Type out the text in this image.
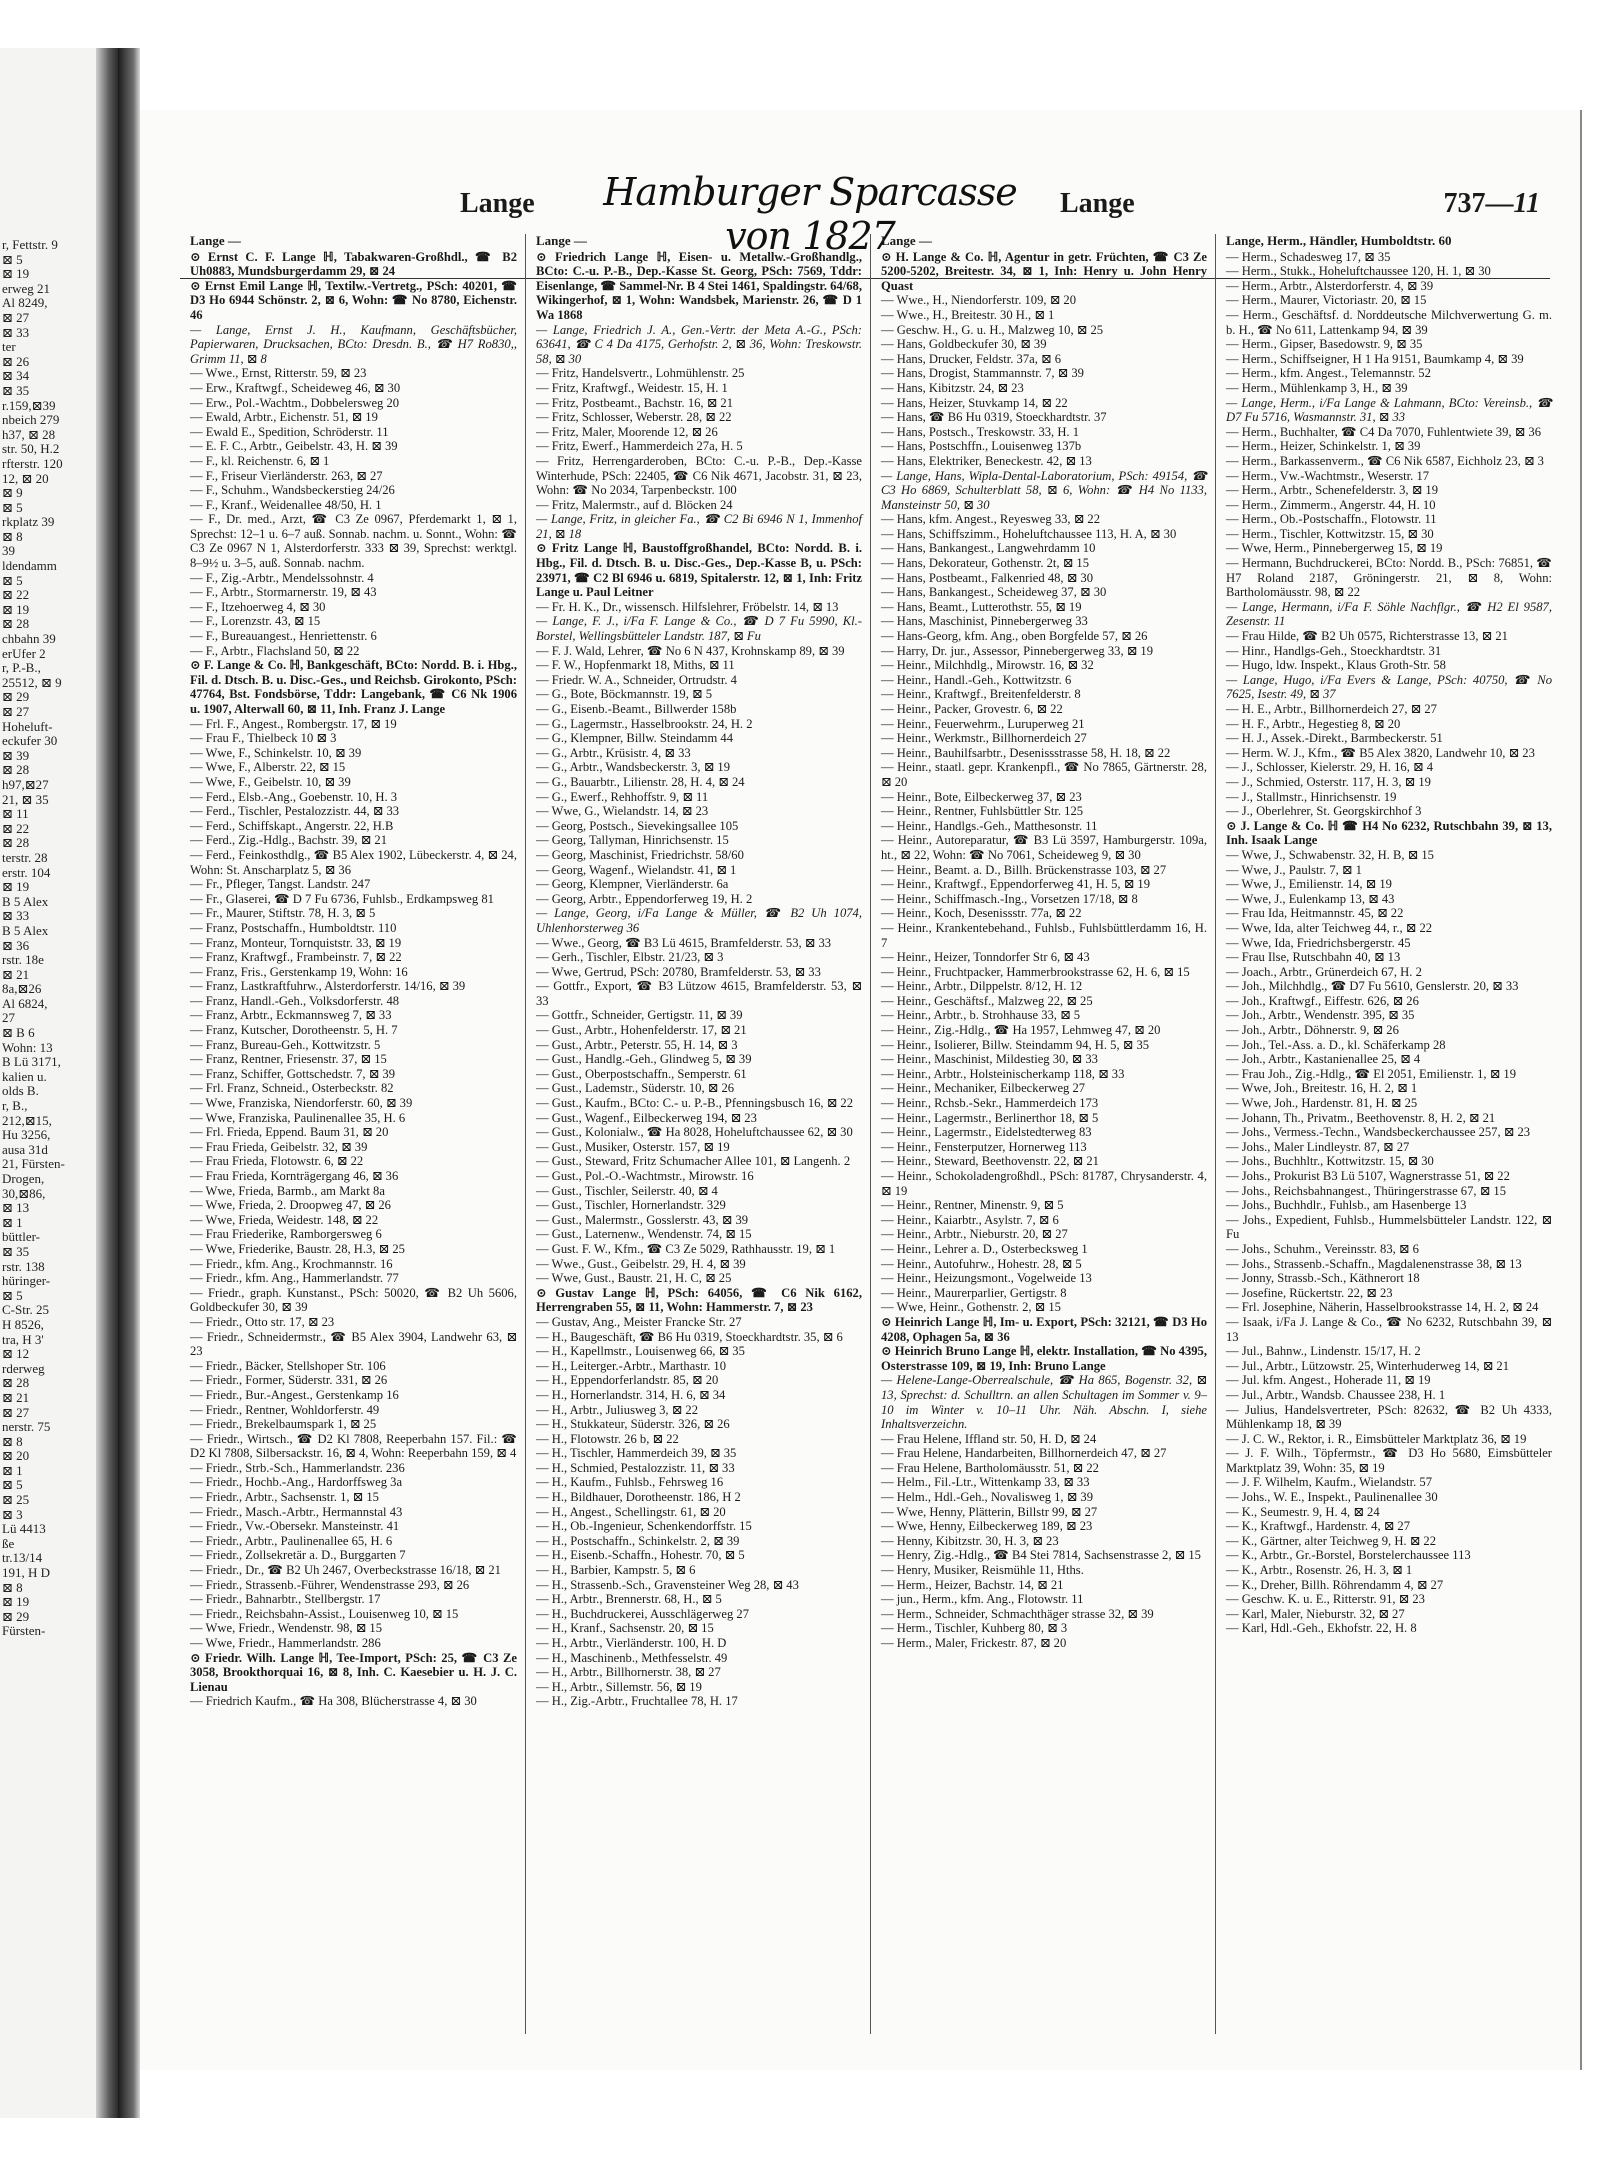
r, Fettstr. 9
⊠ 5
⊠ 19
erweg 21
Al 8249,
⊠ 27
⊠ 33
ter
⊠ 26
⊠ 34
⊠ 35
r.159,⊠39
nbeich 279
h37, ⊠ 28
str. 50, H.2
rfterstr. 120
12, ⊠ 20
⊠ 9
⊠ 5
rkplatz 39
⊠ 8
39
ldendamm
⊠ 5
⊠ 22
⊠ 19
⊠ 28
chbahn 39
erUfer 2
r, P.-B.,
25512, ⊠ 9
⊠ 29
⊠ 27
Hoheluft-
eckufer 30
⊠ 39
⊠ 28
h97,⊠27
21, ⊠ 35
⊠ 11
⊠ 22
⊠ 28
terstr. 28
erstr. 104
⊠ 19
B 5 Alex
⊠ 33
B 5 Alex
⊠ 36
rstr. 18e
⊠ 21
8a,⊠26
Al 6824,
27
⊠ B 6
Wohn: 13
B Lü 3171,
kalien u.
olds B.
r, B.,
212,⊠15,
Hu 3256,
ausa 31d
21, Fürsten-
Drogen,
30,⊠86,
⊠ 13
⊠ 1
büttler-
⊠ 35
rstr. 138
hüringer-
⊠ 5
C-Str. 25
H 8526,
tra, H 3'
⊠ 12
rderweg
⊠ 28
⊠ 21
⊠ 27
nerstr. 75
⊠ 8
⊠ 20
⊠ 1
⊠ 5
⊠ 25
⊠ 3
Lü 4413
ße
tr.13/14
191, H D
⊠ 8
⊠ 19
⊠ 29
Fürsten-
Lange Hamburger Sparcasse von 1827
Lange	737—11
Lange —
⊙ Ernst C. F. Lange ℍ, Tabakwaren-Großhdl., ☎ B2 Uh0883, Mundsburgerdamm 29, ⊠ 24
⊙ Ernst Emil Lange ℍ, Textilw.-Vertretg., PSch: 40201, ☎ D3 Ho 6944 Schönstr. 2, ⊠ 6, Wohn: ☎ No 8780, Eichenstr. 46
— Lange, Ernst J. H., Kaufmann, Geschäftsbücher, Papierwaren, Drucksachen, BCto: Dresdn. B., ☎ H7 Ro830,, Grimm 11, ⊠ 8
— Wwe., Ernst, Ritterstr. 59, ⊠ 23
— Erw., Kraftwgf., Scheideweg 46, ⊠ 30
— Erw., Pol.-Wachtm., Dobbelersweg 20
— Ewald, Arbtr., Eichenstr. 51, ⊠ 19
— Ewald E., Spedition, Schröderstr. 11
— E. F. C., Arbtr., Geibelstr. 43, H. ⊠ 39
— F., kl. Reichenstr. 6, ⊠ 1
— F., Friseur Vierländerstr. 263, ⊠ 27
— F., Schuhm., Wandsbeckerstieg 24/26
— F., Kranf., Weidenallee 48/50, H. 1
— F., Dr. med., Arzt, ☎ C3 Ze 0967, Pferdemarkt 1, ⊠ 1, Sprechst: 12–1 u. 6–7 auß. Sonnab. nachm. u. Sonnt., Wohn: ☎ C3 Ze 0967 N 1, Alsterdorferstr. 333 ⊠ 39, Sprechst: werktgl. 8–9½ u. 3–5, auß. Sonnab. nachm.
— F., Zig.-Arbtr., Mendelssohnstr. 4
— F., Arbtr., Stormarnerstr. 19, ⊠ 43
— F., Itzehoerweg 4, ⊠ 30
— F., Lorenzstr. 43, ⊠ 15
— F., Bureauangest., Henriettenstr. 6
— F., Arbtr., Flachsland 50, ⊠ 22
⊙ F. Lange & Co. ℍ, Bankgeschäft, BCto: Nordd. B. i. Hbg., Fil. d. Dtsch. B. u. Disc.-Ges., und Reichsb. Girokonto, PSch: 47764, Bst. Fondsbörse, Tddr: Langebank, ☎ C6 Nk 1906 u. 1907, Alterwall 60, ⊠ 11, Inh. Franz J. Lange
— Frl. F., Angest., Rombergstr. 17, ⊠ 19
— Frau F., Thielbeck 10 ⊠ 3
— Wwe, F., Schinkelstr. 10, ⊠ 39
— Wwe, F., Alberstr. 22, ⊠ 15
— Wwe, F., Geibelstr. 10, ⊠ 39
— Ferd., Elsb.-Ang., Goebenstr. 10, H. 3
— Ferd., Tischler, Pestalozzistr. 44, ⊠ 33
— Ferd., Schiffskapt., Angerstr. 22, H.B
— Ferd., Zig.-Hdlg., Bachstr. 39, ⊠ 21
— Ferd., Feinkosthdlg., ☎ B5 Alex 1902, Lübeckerstr. 4, ⊠ 24, Wohn: St. Anscharplatz 5, ⊠ 36
— Fr., Pfleger, Tangst. Landstr. 247
— Fr., Glaserei, ☎ D 7 Fu 6736, Fuhlsb., Erdkampsweg 81
— Fr., Maurer, Stiftstr. 78, H. 3, ⊠ 5
— Franz, Postschaffn., Humboldtstr. 110
— Franz, Monteur, Tornquiststr. 33, ⊠ 19
— Franz, Kraftwgf., Frambeinstr. 7, ⊠ 22
— Franz, Fris., Gerstenkamp 19, Wohn: 16
— Franz, Lastkraftfuhrw., Alsterdorferstr. 14/16, ⊠ 39
— Franz, Handl.-Geh., Volksdorferstr. 48
— Franz, Arbtr., Eckmannsweg 7, ⊠ 33
— Franz, Kutscher, Dorotheenstr. 5, H. 7
— Franz, Bureau-Geh., Kottwitzstr. 5
— Franz, Rentner, Friesenstr. 37, ⊠ 15
— Franz, Schiffer, Gottschedstr. 7, ⊠ 39
— Frl. Franz, Schneid., Osterbeckstr. 82
— Wwe, Franziska, Niendorferstr. 60, ⊠ 39
— Wwe, Franziska, Paulinenallee 35, H. 6
— Frl. Frieda, Eppend. Baum 31, ⊠ 20
— Frau Frieda, Geibelstr. 32, ⊠ 39
— Frau Frieda, Flotowstr. 6, ⊠ 22
— Frau Frieda, Kornträgergang 46, ⊠ 36
— Wwe, Frieda, Barmb., am Markt 8a
— Wwe, Frieda, 2. Droopweg 47, ⊠ 26
— Wwe, Frieda, Weidestr. 148, ⊠ 22
— Frau Friederike, Ramborgersweg 6
— Wwe, Friederike, Baustr. 28, H.3, ⊠ 25
— Friedr., kfm. Ang., Krochmannstr. 16
— Friedr., kfm. Ang., Hammerlandstr. 77
— Friedr., graph. Kunstanst., PSch: 50020, ☎ B2 Uh 5606, Goldbeckufer 30, ⊠ 39
— Friedr., Otto str. 17, ⊠ 23
— Friedr., Schneidermstr., ☎ B5 Alex 3904, Landwehr 63, ⊠ 23
— Friedr., Bäcker, Stellshoper Str. 106
— Friedr., Former, Süderstr. 331, ⊠ 26
— Friedr., Bur.-Angest., Gerstenkamp 16
— Friedr., Rentner, Wohldorferstr. 49
— Friedr., Brekelbaumspark 1, ⊠ 25
— Friedr., Wirtsch., ☎ D2 Kl 7808, Reeperbahn 157. Fil.: ☎ D2 Kl 7808, Silbersackstr. 16, ⊠ 4, Wohn: Reeperbahn 159, ⊠ 4
— Friedr., Strb.-Sch., Hammerlandstr. 236
— Friedr., Hochb.-Ang., Hardorffsweg 3a
— Friedr., Arbtr., Sachsenstr. 1, ⊠ 15
— Friedr., Masch.-Arbtr., Hermannstal 43
— Friedr., Vw.-Obersekr. Mansteinstr. 41
— Friedr., Arbtr., Paulinenallee 65, H. 6
— Friedr., Zollsekretär a. D., Burggarten 7
— Friedr., Dr., ☎ B2 Uh 2467, Overbeckstrasse 16/18, ⊠ 21
— Friedr., Strassenb.-Führer, Wendenstrasse 293, ⊠ 26
— Friedr., Bahnarbtr., Stellbergstr. 17
— Friedr., Reichsbahn-Assist., Louisenweg 10, ⊠ 15
— Wwe, Friedr., Wendenstr. 98, ⊠ 15
— Wwe, Friedr., Hammerlandstr. 286
⊙ Friedr. Wilh. Lange ℍ, Tee-Import, PSch: 25, ☎ C3 Ze 3058, Brookthorquai 16, ⊠ 8, Inh. C. Kaesebier u. H. J. C. Lienau
— Friedrich Kaufm., ☎ Ha 308, Blücherstrasse 4, ⊠ 30
Lange —
⊙ Friedrich Lange ℍ, Eisen- u. Metallw.-Großhandlg., BCto: C.-u. P.-B., Dep.-Kasse St. Georg, PSch: 7569, Tddr: Eisenlange, ☎ Sammel-Nr. B 4 Stei 1461, Spaldingstr. 64/68, Wikingerhof, ⊠ 1, Wohn: Wandsbek, Marienstr. 26, ☎ D 1 Wa 1868
— Lange, Friedrich J. A., Gen.-Vertr. der Meta A.-G., PSch: 63641, ☎ C 4 Da 4175, Gerhofstr. 2, ⊠ 36, Wohn: Treskowstr. 58, ⊠ 30
— Fritz, Handelsvertr., Lohmühlenstr. 25
— Fritz, Kraftwgf., Weidestr. 15, H. 1
— Fritz, Postbeamt., Bachstr. 16, ⊠ 21
— Fritz, Schlosser, Weberstr. 28, ⊠ 22
— Fritz, Maler, Moorende 12, ⊠ 26
— Fritz, Ewerf., Hammerdeich 27a, H. 5
— Fritz, Herrengarderoben, BCto: C.-u. P.-B., Dep.-Kasse Winterhude, PSch: 22405, ☎ C6 Nik 4671, Jacobstr. 31, ⊠ 23, Wohn: ☎ No 2034, Tarpenbeckstr. 100
— Fritz, Malermstr., auf d. Blöcken 24
— Lange, Fritz, in gleicher Fa., ☎ C2 Bi 6946 N 1, Immenhof 21, ⊠ 18
⊙ Fritz Lange ℍ, Baustoffgroßhandel, BCto: Nordd. B. i. Hbg., Fil. d. Dtsch. B. u. Disc.-Ges., Dep.-Kasse B, u. PSch: 23971, ☎ C2 Bl 6946 u. 6819, Spitalerstr. 12, ⊠ 1, Inh: Fritz Lange u. Paul Leitner
— Fr. H. K., Dr., wissensch. Hilfslehrer, Fröbelstr. 14, ⊠ 13
— Lange, F. J., i/Fa F. Lange & Co., ☎ D 7 Fu 5990, Kl.-Borstel, Wellingsbütteler Landstr. 187, ⊠ Fu
— F. J. Wald, Lehrer, ☎ No 6 N 437, Krohnskamp 89, ⊠ 39
— F. W., Hopfenmarkt 18, Miths, ⊠ 11
— Friedr. W. A., Schneider, Ortrudstr. 4
— G., Bote, Böckmannstr. 19, ⊠ 5
— G., Eisenb.-Beamt., Billwerder 158b
— G., Lagermstr., Hasselbrookstr. 24, H. 2
— G., Klempner, Billw. Steindamm 44
— G., Arbtr., Krüsistr. 4, ⊠ 33
— G., Arbtr., Wandsbeckerstr. 3, ⊠ 19
— G., Bauarbtr., Lilienstr. 28, H. 4, ⊠ 24
— G., Ewerf., Rehhoffstr. 9, ⊠ 11
— Wwe, G., Wielandstr. 14, ⊠ 23
— Georg, Postsch., Sievekingsallee 105
— Georg, Tallyman, Hinrichsenstr. 15
— Georg, Maschinist, Friedrichstr. 58/60
— Georg, Wagenf., Wielandstr. 41, ⊠ 1
— Georg, Klempner, Vierländerstr. 6a
— Georg, Arbtr., Eppendorferweg 19, H. 2
— Lange, Georg, i/Fa Lange & Müller, ☎ B2 Uh 1074, Uhlenhorsterweg 36
— Wwe., Georg, ☎ B3 Lü 4615, Bramfelderstr. 53, ⊠ 33
— Gerh., Tischler, Elbstr. 21/23, ⊠ 3
— Wwe, Gertrud, PSch: 20780, Bramfelderstr. 53, ⊠ 33
— Gottfr., Export, ☎ B3 Lützow 4615, Bramfelderstr. 53, ⊠ 33
— Gottfr., Schneider, Gertigstr. 11, ⊠ 39
— Gust., Arbtr., Hohenfelderstr. 17, ⊠ 21
— Gust., Arbtr., Peterstr. 55, H. 14, ⊠ 3
— Gust., Handlg.-Geh., Glindweg 5, ⊠ 39
— Gust., Oberpostschaffn., Semperstr. 61
— Gust., Lademstr., Süderstr. 10, ⊠ 26
— Gust., Kaufm., BCto: C.- u. P.-B., Pfenningsbusch 16, ⊠ 22
— Gust., Wagenf., Eilbeckerweg 194, ⊠ 23
— Gust., Kolonialw., ☎ Ha 8028, Hoheluftchaussee 62, ⊠ 30
— Gust., Musiker, Osterstr. 157, ⊠ 19
— Gust., Steward, Fritz Schumacher Allee 101, ⊠ Langenh. 2
— Gust., Pol.-O.-Wachtmstr., Mirowstr. 16
— Gust., Tischler, Seilerstr. 40, ⊠ 4
— Gust., Tischler, Hornerlandstr. 329
— Gust., Malermstr., Gosslerstr. 43, ⊠ 39
— Gust., Laternenw., Wendenstr. 74, ⊠ 15
— Gust. F. W., Kfm., ☎ C3 Ze 5029, Rathhausstr. 19, ⊠ 1
— Wwe., Gust., Geibelstr. 29, H. 4, ⊠ 39
— Wwe, Gust., Baustr. 21, H. C, ⊠ 25
⊙ Gustav Lange ℍ, PSch: 64056, ☎ C6 Nik 6162, Herrengraben 55, ⊠ 11, Wohn: Hammerstr. 7, ⊠ 23
— Gustav, Ang., Meister Francke Str. 27
— H., Baugeschäft, ☎ B6 Hu 0319, Stoeckhardtstr. 35, ⊠ 6
— H., Kapellmstr., Louisenweg 66, ⊠ 35
— H., Leiterger.-Arbtr., Marthastr. 10
— H., Eppendorferlandstr. 85, ⊠ 20
— H., Hornerlandstr. 314, H. 6, ⊠ 34
— H., Arbtr., Juliusweg 3, ⊠ 22
— H., Stukkateur, Süderstr. 326, ⊠ 26
— H., Flotowstr. 26 b, ⊠ 22
— H., Tischler, Hammerdeich 39, ⊠ 35
— H., Schmied, Pestalozzistr. 11, ⊠ 33
— H., Kaufm., Fuhlsb., Fehrsweg 16
— H., Bildhauer, Dorotheenstr. 186, H 2
— H., Angest., Schellingstr. 61, ⊠ 20
— H., Ob.-Ingenieur, Schenkendorffstr. 15
— H., Postschaffn., Schinkelstr. 2, ⊠ 39
— H., Eisenb.-Schaffn., Hohestr. 70, ⊠ 5
— H., Barbier, Kampstr. 5, ⊠ 6
— H., Strassenb.-Sch., Gravensteiner Weg 28, ⊠ 43
— H., Arbtr., Brennerstr. 68, H., ⊠ 5
— H., Buchdruckerei, Ausschlägerweg 27
— H., Kranf., Sachsenstr. 20, ⊠ 15
— H., Arbtr., Vierländerstr. 100, H. D
— H., Maschinenb., Methfesselstr. 49
— H., Arbtr., Billhornerstr. 38, ⊠ 27
— H., Arbtr., Sillemstr. 56, ⊠ 19
— H., Zig.-Arbtr., Fruchtallee 78, H. 17
Lange —
⊙ H. Lange & Co. ℍ, Agentur in getr. Früchten, ☎ C3 Ze 5200-5202, Breitestr. 34, ⊠ 1, Inh: Henry u. John Henry Quast
— Wwe., H., Niendorferstr. 109, ⊠ 20
— Wwe., H., Breitestr. 30 H., ⊠ 1
— Geschw. H., G. u. H., Malzweg 10, ⊠ 25
— Hans, Goldbeckufer 30, ⊠ 39
— Hans, Drucker, Feldstr. 37a, ⊠ 6
— Hans, Drogist, Stammannstr. 7, ⊠ 39
— Hans, Kibitzstr. 24, ⊠ 23
— Hans, Heizer, Stuvkamp 14, ⊠ 22
— Hans, ☎ B6 Hu 0319, Stoeckhardtstr. 37
— Hans, Postsch., Treskowstr. 33, H. 1
— Hans, Postschffn., Louisenweg 137b
— Hans, Elektriker, Beneckestr. 42, ⊠ 13
— Lange, Hans, Wipla-Dental-Laboratorium, PSch: 49154, ☎ C3 Ho 6869, Schulterblatt 58, ⊠ 6, Wohn: ☎ H4 No 1133, Mansteinstr 50, ⊠ 30
— Hans, kfm. Angest., Reyesweg 33, ⊠ 22
— Hans, Schiffszimm., Hoheluftchaussee 113, H. A, ⊠ 30
— Hans, Bankangest., Langwehrdamm 10
— Hans, Dekorateur, Gothenstr. 2t, ⊠ 15
— Hans, Postbeamt., Falkenried 48, ⊠ 30
— Hans, Bankangest., Scheideweg 37, ⊠ 30
— Hans, Beamt., Lutterothstr. 55, ⊠ 19
— Hans, Maschinist, Pinnebergerweg 33
— Hans-Georg, kfm. Ang., oben Borgfelde 57, ⊠ 26
— Harry, Dr. jur., Assessor, Pinnebergerweg 33, ⊠ 19
— Heinr., Milchhdlg., Mirowstr. 16, ⊠ 32
— Heinr., Handl.-Geh., Kottwitzstr. 6
— Heinr., Kraftwgf., Breitenfelderstr. 8
— Heinr., Packer, Grovestr. 6, ⊠ 22
— Heinr., Feuerwehrm., Luruperweg 21
— Heinr., Werkmstr., Billhornerdeich 27
— Heinr., Bauhilfsarbtr., Desenissstrasse 58, H. 18, ⊠ 22
— Heinr., staatl. gepr. Krankenpfl., ☎ No 7865, Gärtnerstr. 28, ⊠ 20
— Heinr., Bote, Eilbeckerweg 37, ⊠ 23
— Heinr., Rentner, Fuhlsbüttler Str. 125
— Heinr., Handlgs.-Geh., Matthesonstr. 11
— Heinr., Autoreparatur, ☎ B3 Lü 3597, Hamburgerstr. 109a, ht., ⊠ 22, Wohn: ☎ No 7061, Scheideweg 9, ⊠ 30
— Heinr., Beamt. a. D., Billh. Brückenstrasse 103, ⊠ 27
— Heinr., Kraftwgf., Eppendorferweg 41, H. 5, ⊠ 19
— Heinr., Schiffmasch.-Ing., Vorsetzen 17/18, ⊠ 8
— Heinr., Koch, Desenissstr. 77a, ⊠ 22
— Heinr., Krankentebehand., Fuhlsb., Fuhlsbüttlerdamm 16, H. 7
— Heinr., Heizer, Tonndorfer Str 6, ⊠ 43
— Heinr., Fruchtpacker, Hammerbrookstrasse 62, H. 6, ⊠ 15
— Heinr., Arbtr., Dilppelstr. 8/12, H. 12
— Heinr., Geschäftsf., Malzweg 22, ⊠ 25
— Heinr., Arbtr., b. Strohhause 33, ⊠ 5
— Heinr., Zig.-Hdlg., ☎ Ha 1957, Lehmweg 47, ⊠ 20
— Heinr., Isolierer, Billw. Steindamm 94, H. 5, ⊠ 35
— Heinr., Maschinist, Mildestieg 30, ⊠ 33
— Heinr., Arbtr., Holsteinischerkamp 118, ⊠ 33
— Heinr., Mechaniker, Eilbeckerweg 27
— Heinr., Rchsb.-Sekr., Hammerdeich 173
— Heinr., Lagermstr., Berlinerthor 18, ⊠ 5
— Heinr., Lagermstr., Eidelstedterweg 83
— Heinr., Fensterputzer, Hornerweg 113
— Heinr., Steward, Beethovenstr. 22, ⊠ 21
— Heinr., Schokoladengroßhdl., PSch: 81787, Chrysanderstr. 4, ⊠ 19
— Heinr., Rentner, Minenstr. 9, ⊠ 5
— Heinr., Kaiarbtr., Asylstr. 7, ⊠ 6
— Heinr., Arbtr., Nieburstr. 20, ⊠ 27
— Heinr., Lehrer a. D., Osterbecksweg 1
— Heinr., Autofuhrw., Hohestr. 28, ⊠ 5
— Heinr., Heizungsmont., Vogelweide 13
— Heinr., Maurerparlier, Gertigstr. 8
— Wwe, Heinr., Gothenstr. 2, ⊠ 15
⊙ Heinrich Lange ℍ, Im- u. Export, PSch: 32121, ☎ D3 Ho 4208, Ophagen 5a, ⊠ 36
⊙ Heinrich Bruno Lange ℍ, elektr. Installation, ☎ No 4395, Osterstrasse 109, ⊠ 19, Inh: Bruno Lange
— Helene-Lange-Oberrealschule, ☎ Ha 865, Bogenstr. 32, ⊠ 13, Sprechst: d. Schulltrn. an allen Schultagen im Sommer v. 9–10 im Winter v. 10–11 Uhr. Näh. Abschn. I, siehe Inhaltsverzeichn.
— Frau Helene, Iffland str. 50, H. D, ⊠ 24
— Frau Helene, Handarbeiten, Billhornerdeich 47, ⊠ 27
— Frau Helene, Bartholomäusstr. 51, ⊠ 22
— Helm., Fil.-Ltr., Wittenkamp 33, ⊠ 33
— Helm., Hdl.-Geh., Novalisweg 1, ⊠ 39
— Wwe, Henny, Plätterin, Billstr 99, ⊠ 27
— Wwe, Henny, Eilbeckerweg 189, ⊠ 23
— Henny, Kibitzstr. 30, H. 3, ⊠ 23
— Henry, Zig.-Hdlg., ☎ B4 Stei 7814, Sachsenstrasse 2, ⊠ 15
— Henry, Musiker, Reismühle 11, Hths.
— Herm., Heizer, Bachstr. 14, ⊠ 21
— jun., Herm., kfm. Ang., Flotowstr. 11
— Herm., Schneider, Schmachthäger strasse 32, ⊠ 39
— Herm., Tischler, Kuhberg 80, ⊠ 3
— Herm., Maler, Frickestr. 87, ⊠ 20
Lange, Herm., Händler, Humboldtstr. 60
— Herm., Schadesweg 17, ⊠ 35
— Herm., Stukk., Hoheluftchaussee 120, H. 1, ⊠ 30
— Herm., Arbtr., Alsterdorferstr. 4, ⊠ 39
— Herm., Maurer, Victoriastr. 20, ⊠ 15
— Herm., Geschäftsf. d. Norddeutsche Milchverwertung G. m. b. H., ☎ No 611, Lattenkamp 94, ⊠ 39
— Herm., Gipser, Basedowstr. 9, ⊠ 35
— Herm., Schiffseigner, H 1 Ha 9151, Baumkamp 4, ⊠ 39
— Herm., kfm. Angest., Telemannstr. 52
— Herm., Mühlenkamp 3, H., ⊠ 39
— Lange, Herm., i/Fa Lange & Lahmann, BCto: Vereinsb., ☎ D7 Fu 5716, Wasmannstr. 31, ⊠ 33
— Herm., Buchhalter, ☎ C4 Da 7070, Fuhlentwiete 39, ⊠ 36
— Herm., Heizer, Schinkelstr. 1, ⊠ 39
— Herm., Barkassenverm., ☎ C6 Nik 6587, Eichholz 23, ⊠ 3
— Herm., Vw.-Wachtmstr., Weserstr. 17
— Herm., Arbtr., Schenefelderstr. 3, ⊠ 19
— Herm., Zimmerm., Angerstr. 44, H. 10
— Herm., Ob.-Postschaffn., Flotowstr. 11
— Herm., Tischler, Kottwitzstr. 15, ⊠ 30
— Wwe, Herm., Pinnebergerweg 15, ⊠ 19
— Hermann, Buchdruckerei, BCto: Nordd. B., PSch: 76851, ☎ H7 Roland 2187, Gröningerstr. 21, ⊠ 8, Wohn: Bartholomäusstr. 98, ⊠ 22
— Lange, Hermann, i/Fa F. Söhle Nachflgr., ☎ H2 El 9587, Zesenstr. 11
— Frau Hilde, ☎ B2 Uh 0575, Richterstrasse 13, ⊠ 21
— Hinr., Handlgs-Geh., Stoeckhardtstr. 31
— Hugo, ldw. Inspekt., Klaus Groth-Str. 58
— Lange, Hugo, i/Fa Evers & Lange, PSch: 40750, ☎ No 7625, Isestr. 49, ⊠ 37
— H. E., Arbtr., Billhornerdeich 27, ⊠ 27
— H. F., Arbtr., Hegestieg 8, ⊠ 20
— H. J., Assek.-Direkt., Barmbeckerstr. 51
— Herm. W. J., Kfm., ☎ B5 Alex 3820, Landwehr 10, ⊠ 23
— J., Schlosser, Kielerstr. 29, H. 16, ⊠ 4
— J., Schmied, Osterstr. 117, H. 3, ⊠ 19
— J., Stallmstr., Hinrichsenstr. 19
— J., Oberlehrer, St. Georgskirchhof 3
⊙ J. Lange & Co. ℍ ☎ H4 No 6232, Rutschbahn 39, ⊠ 13, Inh. Isaak Lange
— Wwe, J., Schwabenstr. 32, H. B, ⊠ 15
— Wwe, J., Paulstr. 7, ⊠ 1
— Wwe, J., Emilienstr. 14, ⊠ 19
— Wwe, J., Eulenkamp 13, ⊠ 43
— Frau Ida, Heitmannstr. 45, ⊠ 22
— Wwe, Ida, alter Teichweg 44, r., ⊠ 22
— Wwe, Ida, Friedrichsbergerstr. 45
— Frau Ilse, Rutschbahn 40, ⊠ 13
— Joach., Arbtr., Grünerdeich 67, H. 2
— Joh., Milchhdlg., ☎ D7 Fu 5610, Genslerstr. 20, ⊠ 33
— Joh., Kraftwgf., Eiffestr. 626, ⊠ 26
— Joh., Arbtr., Wendenstr. 395, ⊠ 35
— Joh., Arbtr., Döhnerstr. 9, ⊠ 26
— Joh., Tel.-Ass. a. D., kl. Schäferkamp 28
— Joh., Arbtr., Kastanienallee 25, ⊠ 4
— Frau Joh., Zig.-Hdlg., ☎ El 2051, Emilienstr. 1, ⊠ 19
— Wwe, Joh., Breitestr. 16, H. 2, ⊠ 1
— Wwe, Joh., Hardenstr. 81, H. ⊠ 25
— Johann, Th., Privatm., Beethovenstr. 8, H. 2, ⊠ 21
— Johs., Vermess.-Techn., Wandsbeckerchaussee 257, ⊠ 23
— Johs., Maler Lindleystr. 87, ⊠ 27
— Johs., Buchhltr., Kottwitzstr. 15, ⊠ 30
— Johs., Prokurist B3 Lü 5107, Wagnerstrasse 51, ⊠ 22
— Johs., Reichsbahnangest., Thüringerstrasse 67, ⊠ 15
— Johs., Buchhdlr., Fuhlsb., am Hasenberge 13
— Johs., Expedient, Fuhlsb., Hummelsbütteler Landstr. 122, ⊠ Fu
— Johs., Schuhm., Vereinsstr. 83, ⊠ 6
— Johs., Strassenb.-Schaffn., Magdalenenstrasse 38, ⊠ 13
— Jonny, Strassb.-Sch., Käthnerort 18
— Josefine, Rückertstr. 22, ⊠ 23
— Frl. Josephine, Näherin, Hasselbrookstrasse 14, H. 2, ⊠ 24
— Isaak, i/Fa J. Lange & Co., ☎ No 6232, Rutschbahn 39, ⊠ 13
— Jul., Bahnw., Lindenstr. 15/17, H. 2
— Jul., Arbtr., Lützowstr. 25, Winterhuderweg 14, ⊠ 21
— Jul. kfm. Angest., Hoherade 11, ⊠ 19
— Jul., Arbtr., Wandsb. Chaussee 238, H. 1
— Julius, Handelsvertreter, PSch: 82632, ☎ B2 Uh 4333, Mühlenkamp 18, ⊠ 39
— J. C. W., Rektor, i. R., Eimsbütteler Marktplatz 36, ⊠ 19
— J. F. Wilh., Töpfermstr., ☎ D3 Ho 5680, Eimsbütteler Marktplatz 39, Wohn: 35, ⊠ 19
— J. F. Wilhelm, Kaufm., Wielandstr. 57
— Johs., W. E., Inspekt., Paulinenallee 30
— K., Seumestr. 9, H. 4, ⊠ 24
— K., Kraftwgf., Hardenstr. 4, ⊠ 27
— K., Gärtner, alter Teichweg 9, H. ⊠ 22
— K., Arbtr., Gr.-Borstel, Borstelerchaussee 113
— K., Arbtr., Rosenstr. 26, H. 3, ⊠ 1
— K., Dreher, Billh. Röhrendamm 4, ⊠ 27
— Geschw. K. u. E., Ritterstr. 91, ⊠ 23
— Karl, Maler, Nieburstr. 32, ⊠ 27
— Karl, Hdl.-Geh., Ekhofstr. 22, H. 8
